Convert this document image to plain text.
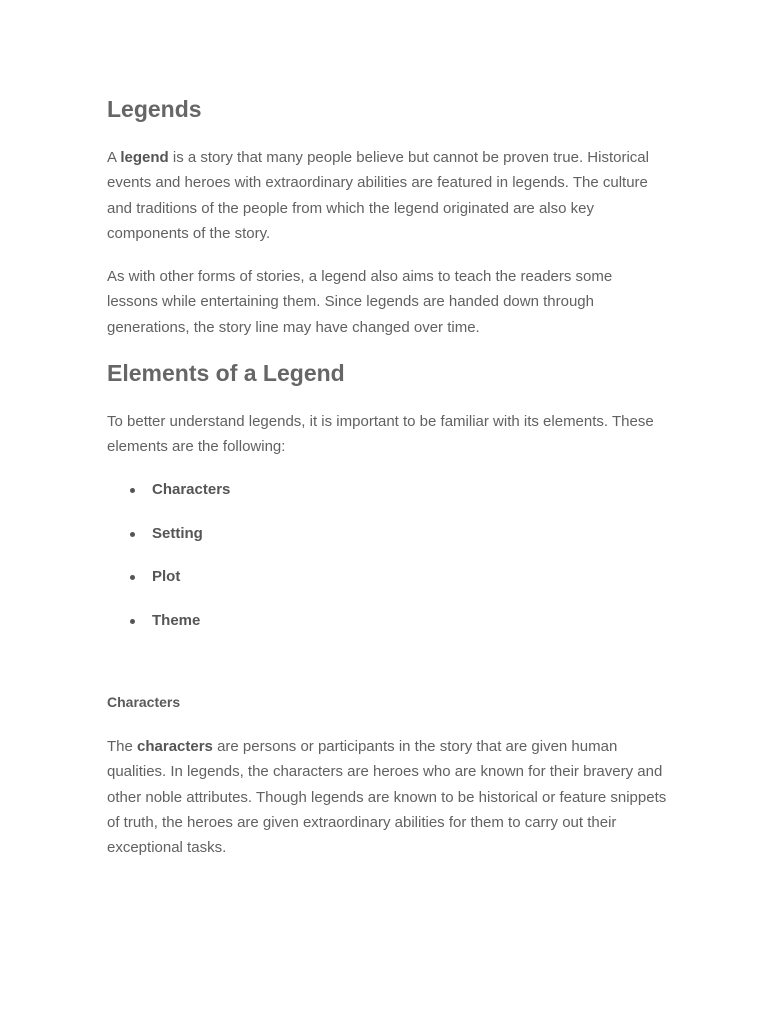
Legends

A legend is a story that many people believe but cannot be proven true. Historical events and heroes with extraordinary abilities are featured in legends. The culture and traditions of the people from which the legend originated are also key components of the story.

As with other forms of stories, a legend also aims to teach the readers some lessons while entertaining them. Since legends are handed down through generations, the story line may have changed over time.

Elements of a Legend

To better understand legends, it is important to be familiar with its elements. These elements are the following:

Characters
Setting
Plot
Theme
Characters

The characters are persons or participants in the story that are given human qualities. In legends, the characters are heroes who are known for their bravery and other noble attributes. Though legends are known to be historical or feature snippets of truth, the heroes are given extraordinary abilities for them to carry out their exceptional tasks.
